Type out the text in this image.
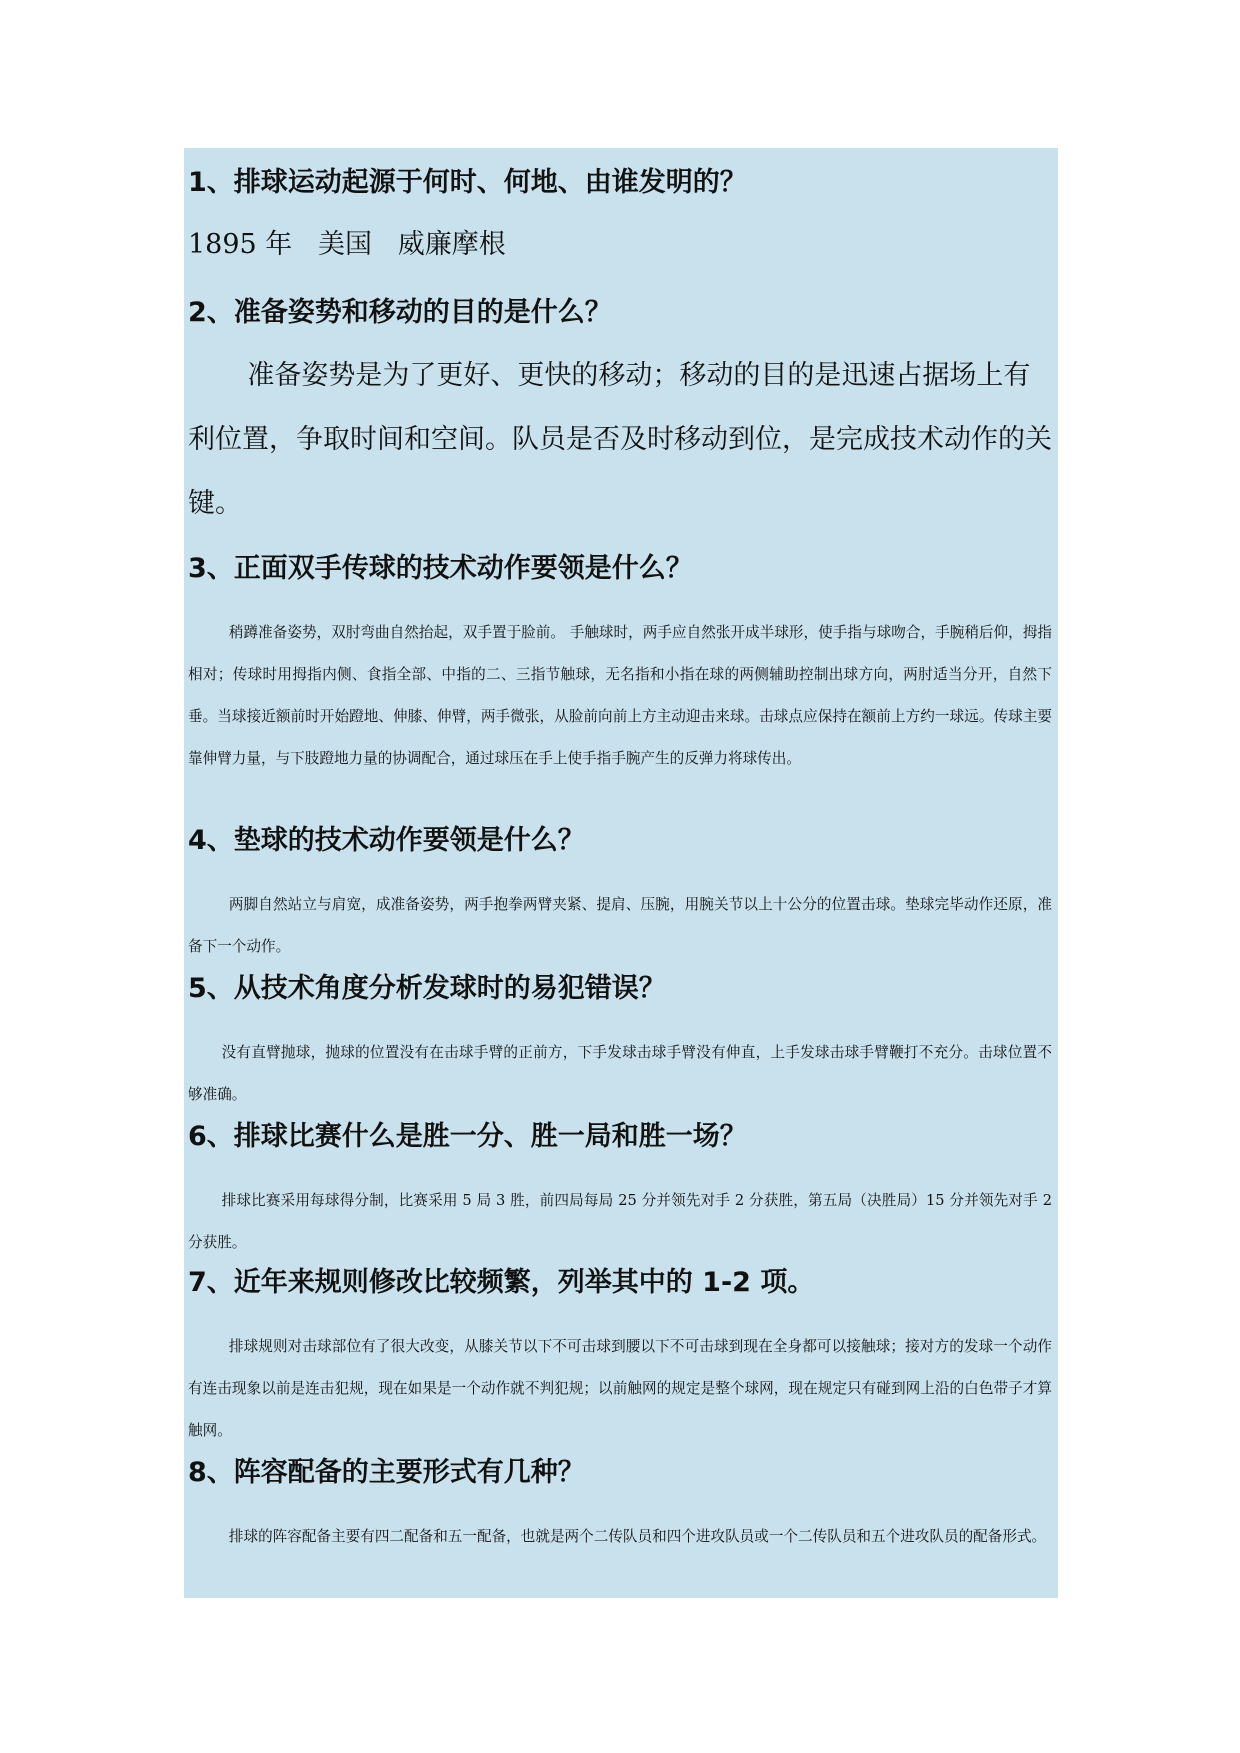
1、排球运动起源于何时、何地、由谁发明的？
1895 年   美国   威廉摩根
2、准备姿势和移动的目的是什么？

准备姿势是为了更好、更快的移动；移动的目的是迅速占据场上有利位置，争取时间和空间。队员是否及时移动到位，是完成技术动作的关键。

3、正面双手传球的技术动作要领是什么？

稍蹲准备姿势，双肘弯曲自然抬起，双手置于脸前。 手触球时，两手应自然张开成半球形，使手指与球吻合，手腕稍后仰，拇指相对；传球时用拇指内侧、食指全部、中指的二、三指节触球，无名指和小指在球的两侧辅助控制出球方向，两肘适当分开，自然下垂。当球接近额前时开始蹬地、伸膝、伸臂，两手微张，从脸前向前上方主动迎击来球。击球点应保持在额前上方约一球远。传球主要靠伸臂力量，与下肢蹬地力量的协调配合，通过球压在手上使手指手腕产生的反弹力将球传出。

4、垫球的技术动作要领是什么？

两脚自然站立与肩宽，成准备姿势，两手抱拳两臂夹紧、提肩、压腕，用腕关节以上十公分的位置击球。垫球完毕动作还原，准备下一个动作。

5、从技术角度分析发球时的易犯错误？

没有直臂抛球，抛球的位置没有在击球手臂的正前方，下手发球击球手臂没有伸直，上手发球击球手臂鞭打不充分。击球位置不够准确。

6、排球比赛什么是胜一分、胜一局和胜一场？

排球比赛采用每球得分制，比赛采用 5 局 3 胜，前四局每局 25 分并领先对手 2 分获胜，第五局（决胜局）15 分并领先对手 2 分获胜。

7、近年来规则修改比较频繁，列举其中的 1-2 项。

排球规则对击球部位有了很大改变，从膝关节以下不可击球到腰以下不可击球到现在全身都可以接触球；接对方的发球一个动作有连击现象以前是连击犯规，现在如果是一个动作就不判犯规；以前触网的规定是整个球网，现在规定只有碰到网上沿的白色带子才算触网。

8、阵容配备的主要形式有几种？

排球的阵容配备主要有四二配备和五一配备，也就是两个二传队员和四个进攻队员或一个二传队员和五个进攻队员的配备形式。
